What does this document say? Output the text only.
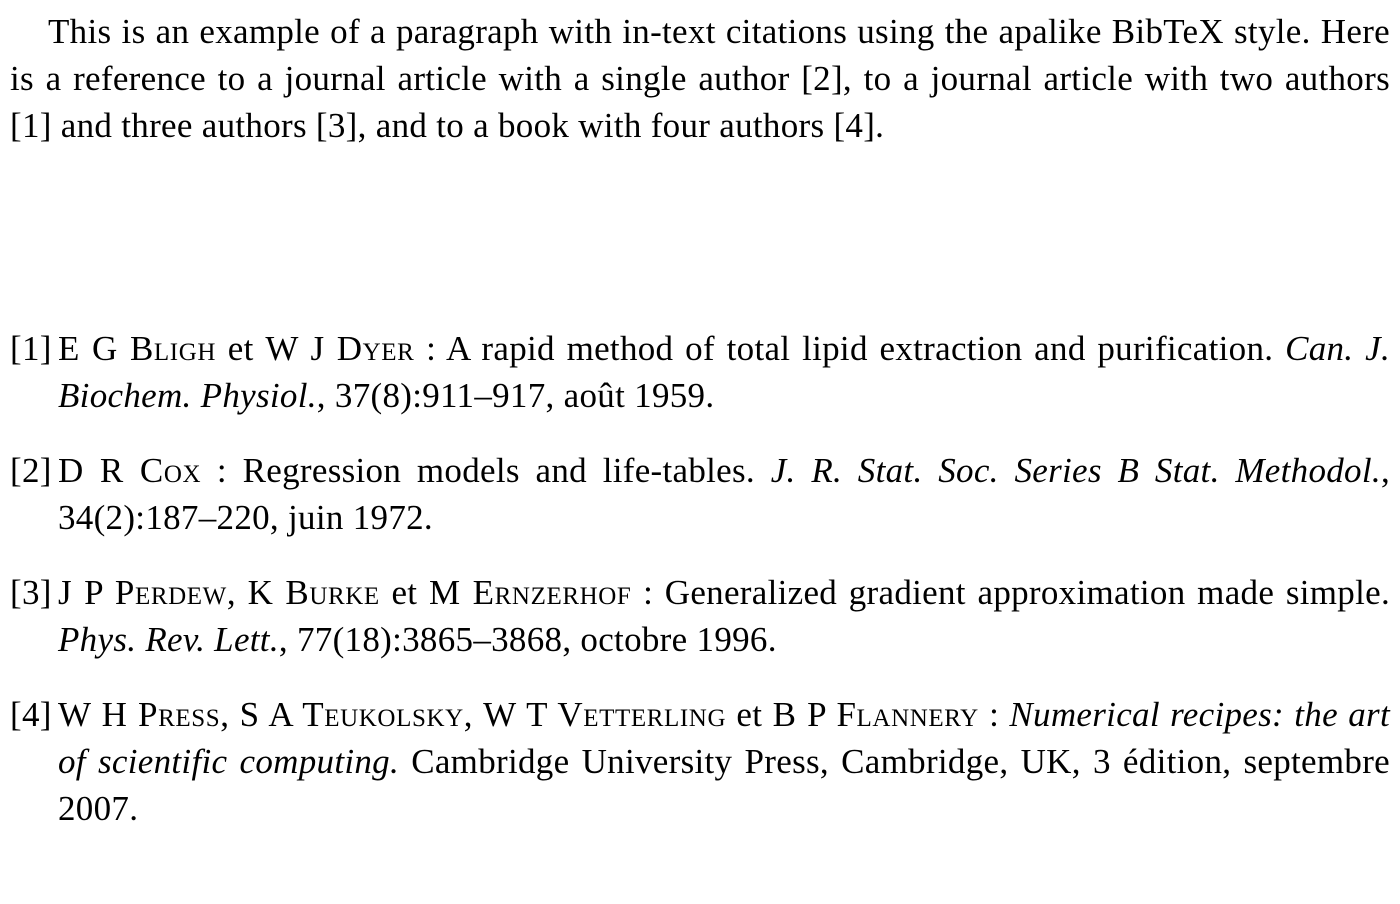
This is an example of a paragraph with in-text citations using the apalike BibTeX style. Here is a reference to a journal article with a single author [2], to a journal article with two authors [1] and three authors [3], and to a book with four authors [4].

[1] E G Bligh et W J Dyer : A rapid method of total lipid extraction and purification. Can. J. Biochem. Physiol., 37(8):911–917, août 1959.
[2] D R Cox : Regression models and life-tables. J. R. Stat. Soc. Series B Stat. Methodol., 34(2):187–220, juin 1972.
[3] J P Perdew, K Burke et M Ernzerhof : Generalized gradient approximation made simple. Phys. Rev. Lett., 77(18):3865–3868, octobre 1996.
[4] W H Press, S A Teukolsky, W T Vetterling et B P Flannery : Numerical recipes: the art of scientific computing. Cambridge University Press, Cambridge, UK, 3 édition, septembre 2007.
